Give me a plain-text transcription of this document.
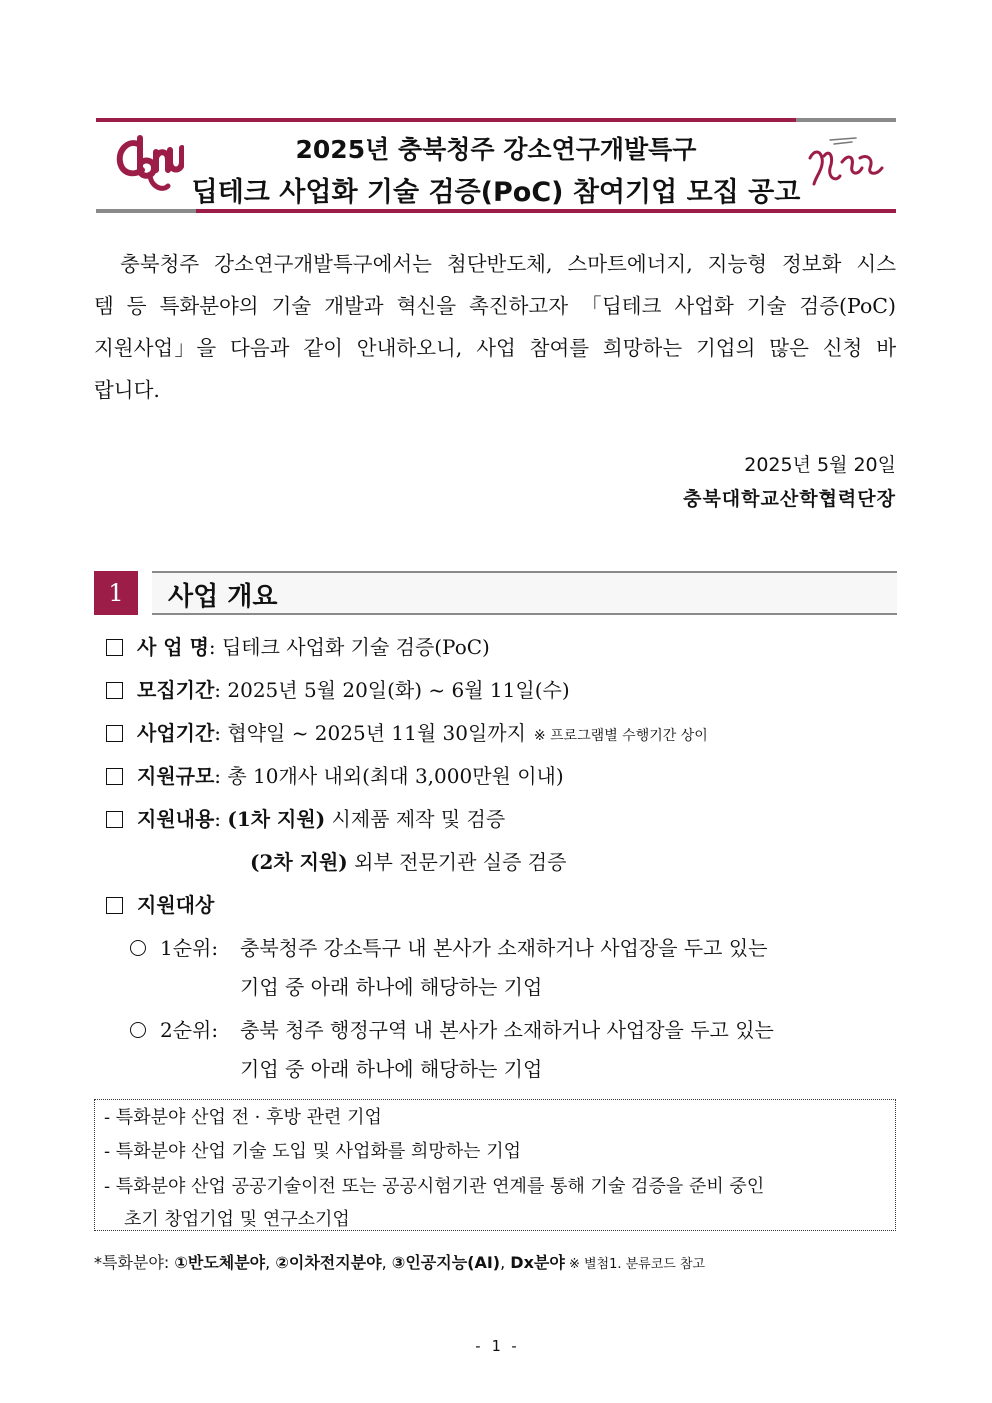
2025년 충북청주 강소연구개발특구
딥테크 사업화 기술 검증(PoC) 참여기업 모집 공고
충북청주 강소연구개발특구에서는 첨단반도체, 스마트에너지, 지능형 정보화 시스템 등 특화분야의 기술 개발과 혁신을 촉진하고자 「딥테크 사업화 기술 검증(PoC) 지원사업」을 다음과 같이 안내하오니, 사업 참여를 희망하는 기업의 많은 신청 바랍니다.
2025년 5월 20일
충북대학교산학협력단장
1	사업 개요
사 업 명: 딥테크 사업화 기술 검증(PoC)
모집기간: 2025년 5월 20일(화) ~ 6월 11일(수)
사업기간: 협약일 ~ 2025년 11월 30일까지 ※ 프로그램별 수행기간 상이
지원규모: 총 10개사 내외(최대 3,000만원 이내)
지원내용: (1차 지원) 시제품 제작 및 검증
(2차 지원) 외부 전문기관 실증 검증
지원대상
1순위: 충북청주 강소특구 내 본사가 소재하거나 사업장을 두고 있는
기업 중 아래 하나에 해당하는 기업
2순위: 충북 청주 행정구역 내 본사가 소재하거나 사업장을 두고 있는
기업 중 아래 하나에 해당하는 기업
- 특화분야 산업 전 · 후방 관련 기업
- 특화분야 산업 기술 도입 및 사업화를 희망하는 기업
- 특화분야 산업 공공기술이전 또는 공공시험기관 연계를 통해 기술 검증을 준비 중인
초기 창업기업 및 연구소기업
*특화분야: ①반도체분야, ②이차전지분야, ③인공지능(AI), Dx분야 ※ 별첨1. 분류코드 참고
- 1 -
